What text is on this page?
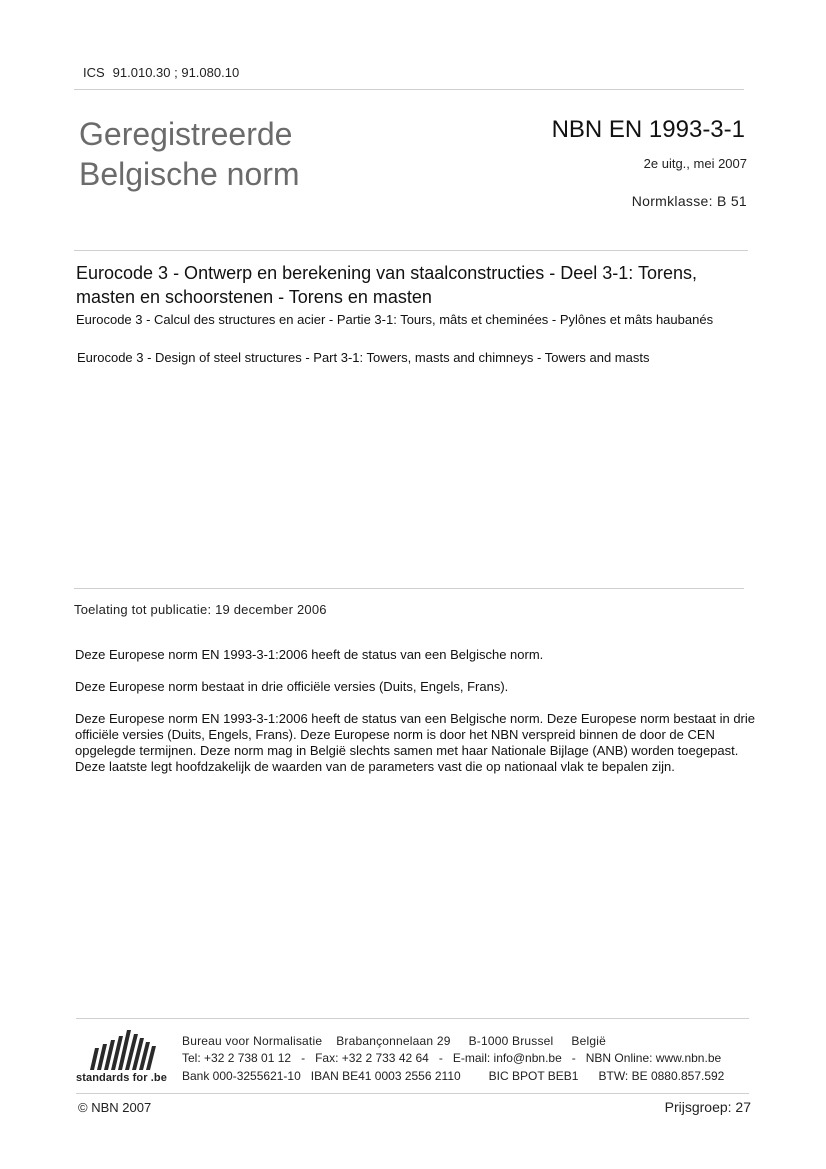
ICS 91.010.30 ; 91.080.10
Geregistreerde Belgische norm
NBN EN 1993-3-1
2e uitg., mei 2007
Normklasse: B 51
Eurocode 3 - Ontwerp en berekening van staalconstructies - Deel 3-1: Torens, masten en schoorstenen - Torens en masten
Eurocode 3 - Calcul des structures en acier - Partie 3-1: Tours, mâts et cheminées - Pylônes et mâts haubanés
Eurocode 3 - Design of steel structures - Part 3-1: Towers, masts and chimneys - Towers and masts
Toelating tot publicatie: 19 december 2006
Deze Europese norm EN 1993-3-1:2006 heeft de status van een Belgische norm.
Deze Europese norm bestaat in drie officiële versies (Duits, Engels, Frans).
Deze Europese norm EN 1993-3-1:2006 heeft de status van een Belgische norm. Deze Europese norm bestaat in drie officiële versies (Duits, Engels, Frans). Deze Europese norm is door het NBN verspreid binnen de door de CEN opgelegde termijnen. Deze norm mag in België slechts samen met haar Nationale Bijlage (ANB) worden toegepast. Deze laatste legt hoofdzakelijk de waarden van de parameters vast die op nationaal vlak te bepalen zijn.
standards for .be
Bureau voor Normalisatie Brabançonnelaan 29 B-1000 Brussel België
Tel: +32 2 738 01 12   -   Fax: +32 2 733 42 64   -   E-mail: info@nbn.be   -   NBN Online: www.nbn.be
Bank 000-3255621-10 IBAN BE41 0003 2556 2110 BIC BPOT BEB1 BTW: BE 0880.857.592
© NBN 2007	Prijsgroep: 27
